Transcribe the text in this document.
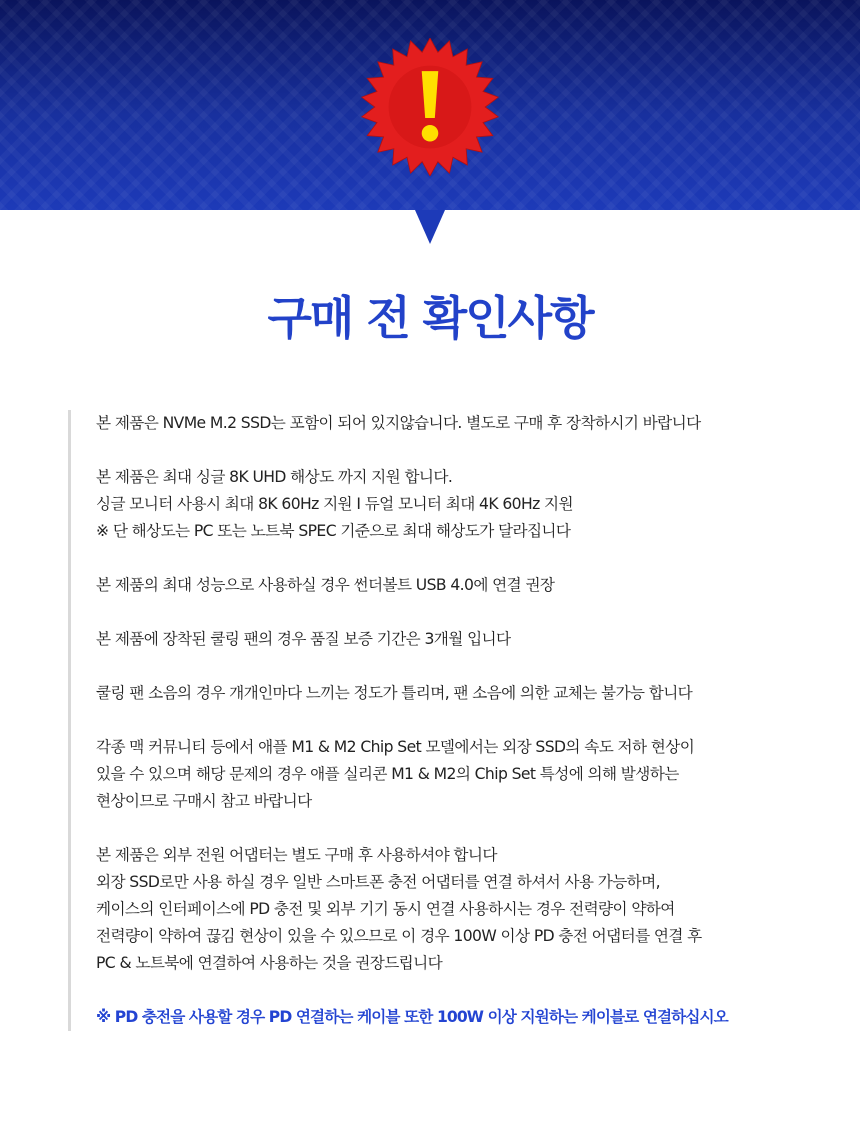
구매 전 확인사항

본 제품은 NVMe M.2 SSD는 포함이 되어 있지않습니다. 별도로 구매 후 장착하시기 바랍니다

본 제품은 최대 싱글 8K UHD 해상도 까지 지원 합니다.

싱글 모니터 사용시 최대 8K 60Hz 지원 I 듀얼 모니터 최대 4K 60Hz 지원

※ 단 해상도는 PC 또는 노트북 SPEC 기준으로 최대 해상도가 달라집니다

본 제품의 최대 성능으로 사용하실 경우 썬더볼트 USB 4.0에 연결 권장

본 제품에 장착된 쿨링 팬의 경우 품질 보증 기간은 3개월 입니다

쿨링 팬 소음의 경우 개개인마다 느끼는 정도가 틀리며, 팬 소음에 의한 교체는 불가능 합니다

각종 맥 커뮤니티 등에서 애플 M1 & M2 Chip Set 모델에서는 외장 SSD의 속도 저하 현상이

있을 수 있으며 해당 문제의 경우 애플 실리콘 M1 & M2의 Chip Set 특성에 의해 발생하는

현상이므로 구매시 참고 바랍니다

본 제품은 외부 전원 어댑터는 별도 구매 후 사용하셔야 합니다

외장 SSD로만 사용 하실 경우 일반 스마트폰 충전 어댑터를 연결 하셔서 사용 가능하며,

케이스의 인터페이스에 PD 충전 및 외부 기기 동시 연결 사용하시는 경우 전력량이 약하여

전력량이 약하여 끊김 현상이 있을 수 있으므로 이 경우 100W 이상 PD 충전 어댑터를 연결 후

PC & 노트북에 연결하여 사용하는 것을 권장드립니다

※ PD 충전을 사용할 경우 PD 연결하는 케이블 또한 100W 이상 지원하는 케이블로 연결하십시오
